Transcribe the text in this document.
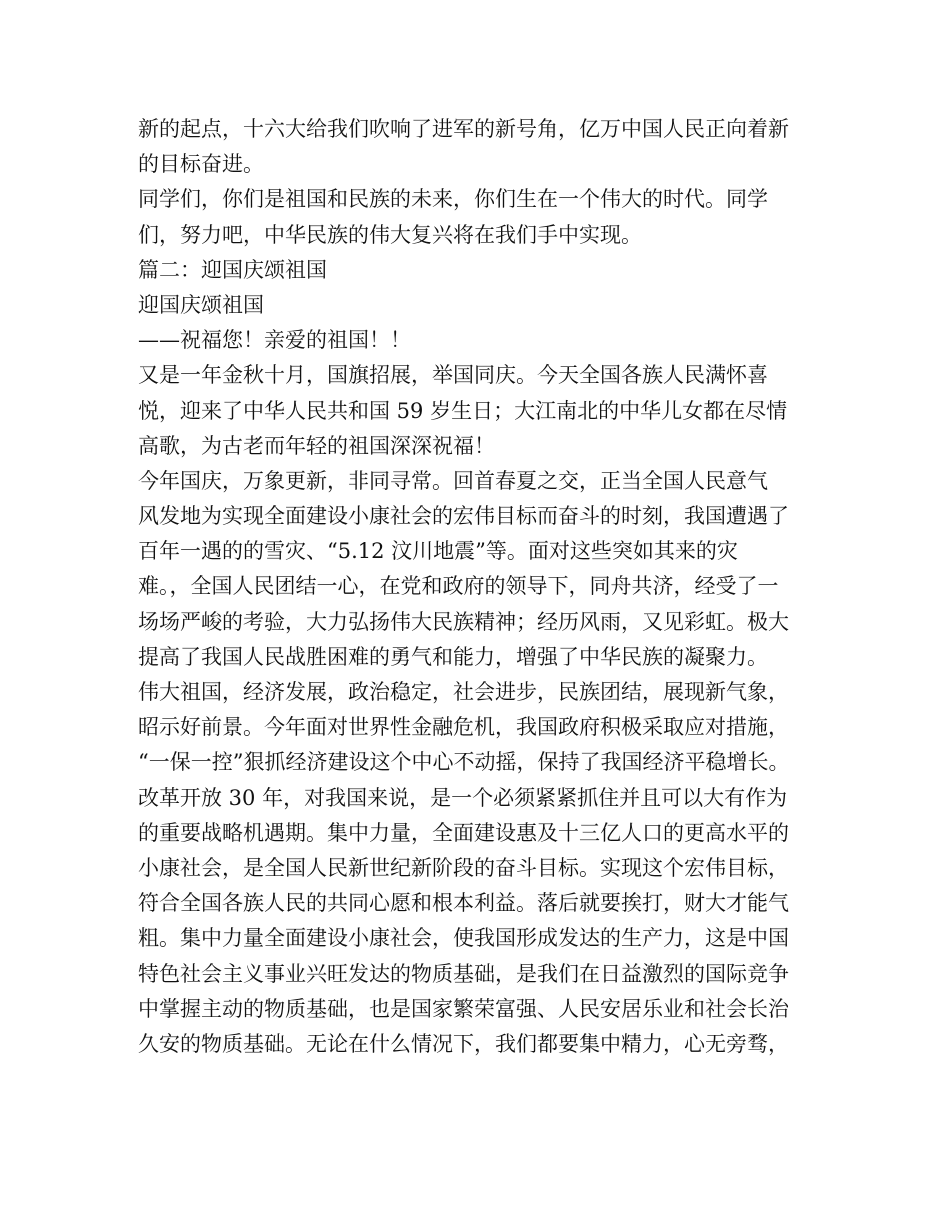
新的起点，十六大给我们吹响了进军的新号角，亿万中国人民正向着新
的目标奋进。
同学们，你们是祖国和民族的未来，你们生在一个伟大的时代。同学
们，努力吧，中华民族的伟大复兴将在我们手中实现。
篇二：迎国庆颂祖国
迎国庆颂祖国
——祝福您！亲爱的祖国！！
又是一年金秋十月，国旗招展，举国同庆。今天全国各族人民满怀喜
悦，迎来了中华人民共和国 59 岁生日；大江南北的中华儿女都在尽情
高歌，为古老而年轻的祖国深深祝福！
今年国庆，万象更新，非同寻常。回首春夏之交，正当全国人民意气
风发地为实现全面建设小康社会的宏伟目标而奋斗的时刻，我国遭遇了
百年一遇的的雪灾、“5.12 汶川地震”等。面对这些突如其来的灾
难。，全国人民团结一心，在党和政府的领导下，同舟共济，经受了一
场场严峻的考验，大力弘扬伟大民族精神；经历风雨，又见彩虹。极大
提高了我国人民战胜困难的勇气和能力，增强了中华民族的凝聚力。
伟大祖国，经济发展，政治稳定，社会进步，民族团结，展现新气象，
昭示好前景。今年面对世界性金融危机，我国政府积极采取应对措施，
“一保一控”狠抓经济建设这个中心不动摇，保持了我国经济平稳增长。
改革开放 30 年，对我国来说，是一个必须紧紧抓住并且可以大有作为
的重要战略机遇期。集中力量，全面建设惠及十三亿人口的更高水平的
小康社会，是全国人民新世纪新阶段的奋斗目标。实现这个宏伟目标，
符合全国各族人民的共同心愿和根本利益。落后就要挨打，财大才能气
粗。集中力量全面建设小康社会，使我国形成发达的生产力，这是中国
特色社会主义事业兴旺发达的物质基础，是我们在日益激烈的国际竞争
中掌握主动的物质基础，也是国家繁荣富强、人民安居乐业和社会长治
久安的物质基础。无论在什么情况下，我们都要集中精力，心无旁骛，
